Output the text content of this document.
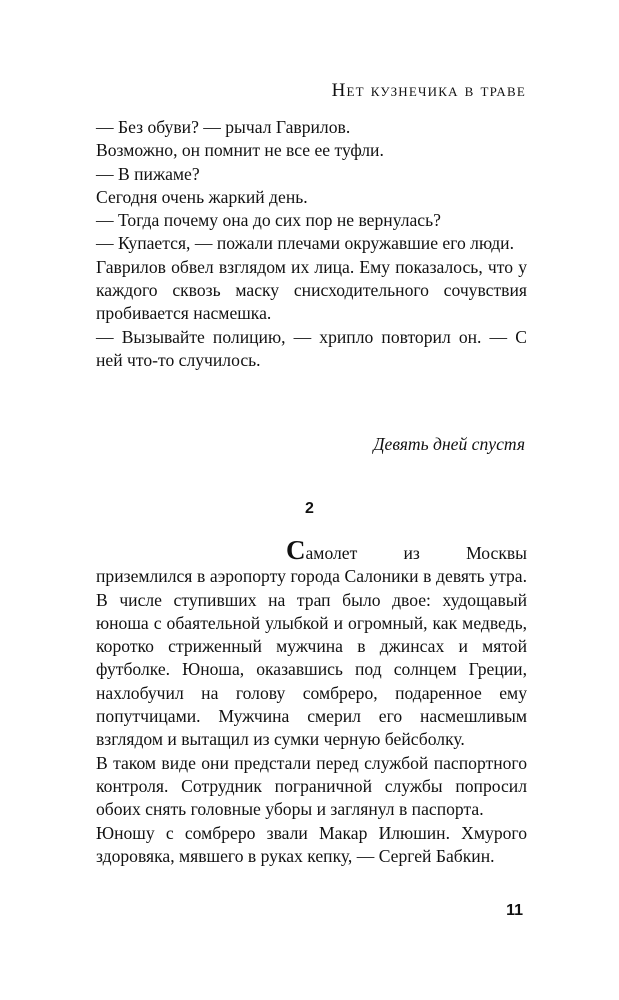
Нет кузнечика в траве

— Без обуви? — рычал Гаврилов.

Возможно, он помнит не все ее туфли.

— В пижаме?

Сегодня очень жаркий день.

— Тогда почему она до сих пор не вернулась?

— Купается, — пожали плечами окружавшие его люди.

Гаврилов обвел взглядом их лица. Ему показалось, что у каждого сквозь маску снисходительного сочувствия пробивается насмешка.

— Вызывайте полицию, — хрипло повторил он. — С ней что-то случилось.

Девять дней спустя
2

Самолет из Москвы приземлился в аэропорту города Салоники в девять утра. В числе ступивших на трап было двое: худощавый юноша с обаятельной улыбкой и огромный, как медведь, коротко стриженный мужчина в джинсах и мятой футболке. Юноша, оказавшись под солнцем Греции, нахлобучил на голову сомбреро, подаренное ему попутчицами. Мужчина смерил его насмешливым взглядом и вытащил из сумки черную бейсболку.

В таком виде они предстали перед службой паспортного контроля. Сотрудник пограничной службы попросил обоих снять головные уборы и заглянул в паспорта.

Юношу с сомбреро звали Макар Илюшин. Хмурого здоровяка, мявшего в руках кепку, — Сергей Бабкин.

11
